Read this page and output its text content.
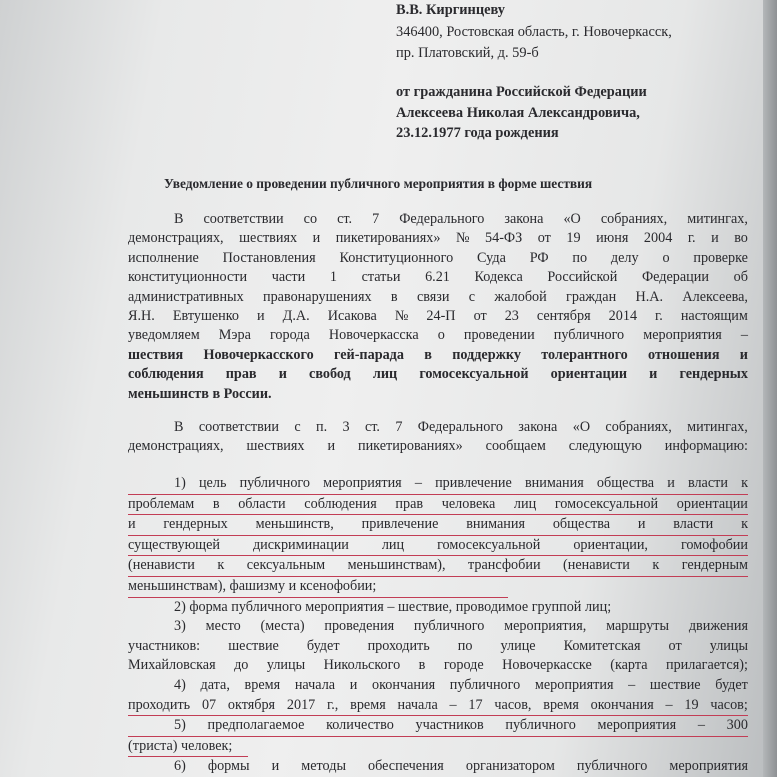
В.В. Киргинцеву
346400, Ростовская область, г. Новочеркасск,
пр. Платовский, д. 59-б
от гражданина Российской Федерации
Алексеева Николая Александровича,
23.12.1977 года рождения
Уведомление о проведении публичного мероприятия в форме шествия
В соответствии со ст. 7 Федерального закона «О собраниях, митингах,
демонстрациях, шествиях и пикетированиях» № 54-ФЗ от 19 июня 2004 г. и во
исполнение Постановления Конституционного Суда РФ по делу о проверке
конституционности части 1 статьи 6.21 Кодекса Российской Федерации об
административных правонарушениях в связи с жалобой граждан Н.А. Алексеева,
Я.Н. Евтушенко и Д.А. Исакова № 24-П от 23 сентября 2014 г. настоящим
уведомляем Мэра города Новочеркасска о проведении публичного мероприятия –
шествия Новочеркасского гей-парада в поддержку толерантного отношения и
соблюдения прав и свобод лиц гомосексуальной ориентации и гендерных
меньшинств в России.
В соответствии с п. 3 ст. 7 Федерального закона «О собраниях, митингах,
демонстрациях, шествиях и пикетированиях» сообщаем следующую информацию:
1) цель публичного мероприятия – привлечение внимания общества и власти к
проблемам в области соблюдения прав человека лиц гомосексуальной ориентации
и гендерных меньшинств, привлечение внимания общества и власти к
существующей дискриминации лиц гомосексуальной ориентации, гомофобии
(ненависти к сексуальным меньшинствам), трансфобии (ненависти к гендерным
меньшинствам), фашизму и ксенофобии;
2) форма публичного мероприятия – шествие, проводимое группой лиц;
3) место (места) проведения публичного мероприятия, маршруты движения
участников: шествие будет проходить по улице Комитетская от улицы
Михайловская до улицы Никольского в городе Новочеркасске (карта прилагается);
4) дата, время начала и окончания публичного мероприятия – шествие будет
проходить 07 октября 2017 г., время начала – 17 часов, время окончания – 19 часов;
5) предполагаемое количество участников публичного мероприятия – 300
(триста) человек;
6) формы и методы обеспечения организатором публичного мероприятия
